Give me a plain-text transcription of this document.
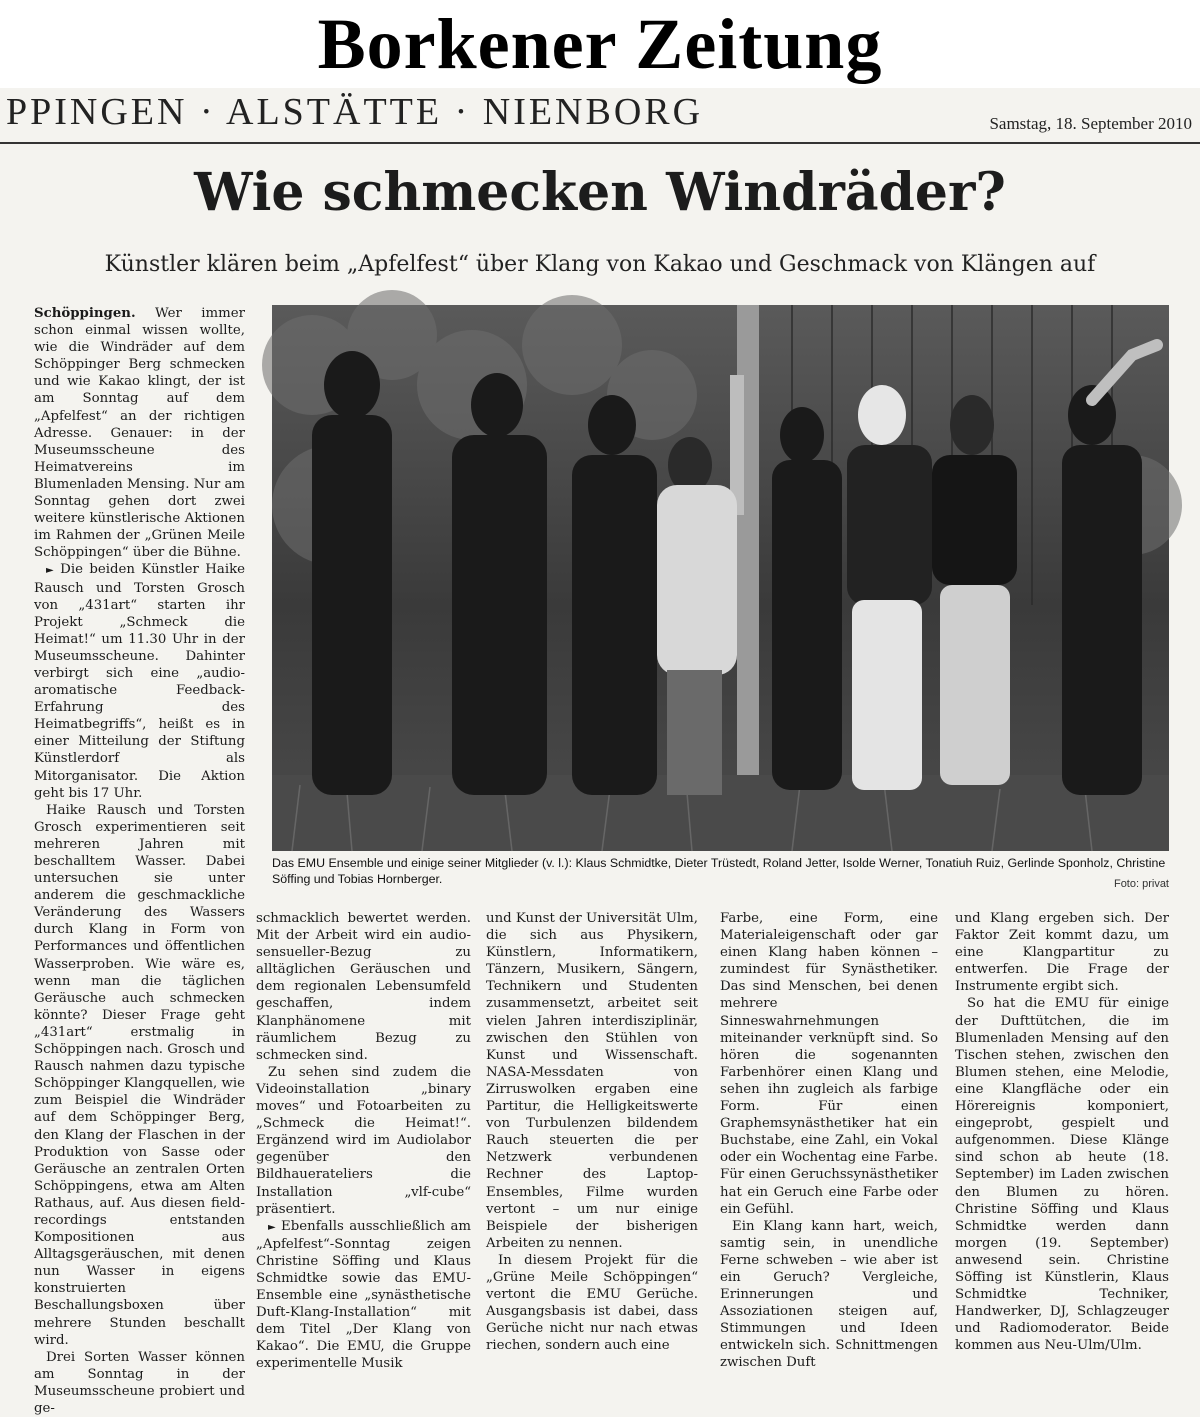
Borkener Zeitung
PPINGEN · ALSTÄTTE · NIENBORG	Samstag, 18. September 2010
Wie schmecken Windräder?
Künstler klären beim „Apfelfest“ über Klang von Kakao und Geschmack von Klängen auf

Schöppingen. Wer immer schon einmal wissen wollte, wie die Windräder auf dem Schöppinger Berg schmecken und wie Kakao klingt, der ist am Sonntag auf dem „Apfelfest“ an der richtigen Adresse. Genauer: in der Museumsscheune des Heimatvereins im Blumenladen Mensing. Nur am Sonntag gehen dort zwei weitere künstlerische Aktionen im Rahmen der „Grünen Meile Schöppingen“ über die Bühne.

► Die beiden Künstler Haike Rausch und Torsten Grosch von „431art“ starten ihr Projekt „Schmeck die Heimat!“ um 11.30 Uhr in der Museumsscheune. Dahinter verbirgt sich eine „audio-aromatische Feedback-Erfahrung des Heimatbegriffs“, heißt es in einer Mitteilung der Stiftung Künstlerdorf als Mitorganisator. Die Aktion geht bis 17 Uhr.

Haike Rausch und Torsten Grosch experimentieren seit mehreren Jahren mit beschalltem Wasser. Dabei untersuchen sie unter anderem die geschmackliche Veränderung des Wassers durch Klang in Form von Performances und öffentlichen Wasserproben. Wie wäre es, wenn man die täglichen Geräusche auch schmecken könnte? Dieser Frage geht „431art“ erstmalig in Schöppingen nach. Grosch und Rausch nahmen dazu typische Schöppinger Klangquellen, wie zum Beispiel die Windräder auf dem Schöppinger Berg, den Klang der Flaschen in der Produktion von Sasse oder Geräusche an zentralen Orten Schöppingens, etwa am Alten Rathaus, auf. Aus diesen field-recordings entstanden Kompositionen aus Alltagsgeräuschen, mit denen nun Wasser in eigens konstruierten Beschallungsboxen über mehrere Stunden beschallt wird.

Drei Sorten Wasser können am Sonntag in der Museumsscheune probiert und ge-

Das EMU Ensemble und einige seiner Mitglieder (v. l.): Klaus Schmidtke, Dieter Trüstedt, Roland Jetter, Isolde Werner, Tonatiuh Ruiz, Gerlinde Sponholz, Christine Söffing und Tobias Hornberger.	Foto: privat

schmacklich bewertet werden. Mit der Arbeit wird ein audio-sensueller-Bezug zu alltäglichen Geräuschen und dem regionalen Lebensumfeld geschaffen, indem Klanphänomene mit räumlichem Bezug zu schmecken sind.

Zu sehen sind zudem die Videoinstallation „binary moves“ und Fotoarbeiten zu „Schmeck die Heimat!“. Ergänzend wird im Audiolabor gegenüber den Bildhauerateliers die Installation „vlf-cube“ präsentiert.

► Ebenfalls ausschließlich am „Apfelfest“-Sonntag zeigen Christine Söffing und Klaus Schmidtke sowie das EMU-Ensemble eine „synästhetische Duft-Klang-Installation“ mit dem Titel „Der Klang von Kakao“. Die EMU, die Gruppe experimentelle Musik

und Kunst der Universität Ulm, die sich aus Physikern, Künstlern, Informatikern, Tänzern, Musikern, Sängern, Technikern und Studenten zusammensetzt, arbeitet seit vielen Jahren interdisziplinär, zwischen den Stühlen von Kunst und Wissenschaft. NASA-Messdaten von Zirruswolken ergaben eine Partitur, die Helligkeitswerte von Turbulenzen bildendem Rauch steuerten die per Netzwerk verbundenen Rechner des Laptop-Ensembles, Filme wurden vertont – um nur einige Beispiele der bisherigen Arbeiten zu nennen.

In diesem Projekt für die „Grüne Meile Schöppingen“ vertont die EMU Gerüche. Ausgangsbasis ist dabei, dass Gerüche nicht nur nach etwas riechen, sondern auch eine

Farbe, eine Form, eine Materialeigenschaft oder gar einen Klang haben können – zumindest für Synästhetiker. Das sind Menschen, bei denen mehrere Sinneswahrnehmungen miteinander verknüpft sind. So hören die sogenannten Farbenhörer einen Klang und sehen ihn zugleich als farbige Form. Für einen Graphemsynästhetiker hat ein Buchstabe, eine Zahl, ein Vokal oder ein Wochentag eine Farbe. Für einen Geruchssynästhetiker hat ein Geruch eine Farbe oder ein Gefühl.

Ein Klang kann hart, weich, samtig sein, in unendliche Ferne schweben – wie aber ist ein Geruch? Vergleiche, Erinnerungen und Assoziationen steigen auf, Stimmungen und Ideen entwickeln sich. Schnittmengen zwischen Duft

und Klang ergeben sich. Der Faktor Zeit kommt dazu, um eine Klangpartitur zu entwerfen. Die Frage der Instrumente ergibt sich.

So hat die EMU für einige der Dufttütchen, die im Blumenladen Mensing auf den Tischen stehen, zwischen den Blumen stehen, eine Melodie, eine Klangfläche oder ein Hörereignis komponiert, eingeprobt, gespielt und aufgenommen. Diese Klänge sind schon ab heute (18. September) im Laden zwischen den Blumen zu hören. Christine Söffing und Klaus Schmidtke werden dann morgen (19. September) anwesend sein. Christine Söffing ist Künstlerin, Klaus Schmidtke Techniker, Handwerker, DJ, Schlagzeuger und Radiomoderator. Beide kommen aus Neu-Ulm/Ulm.
